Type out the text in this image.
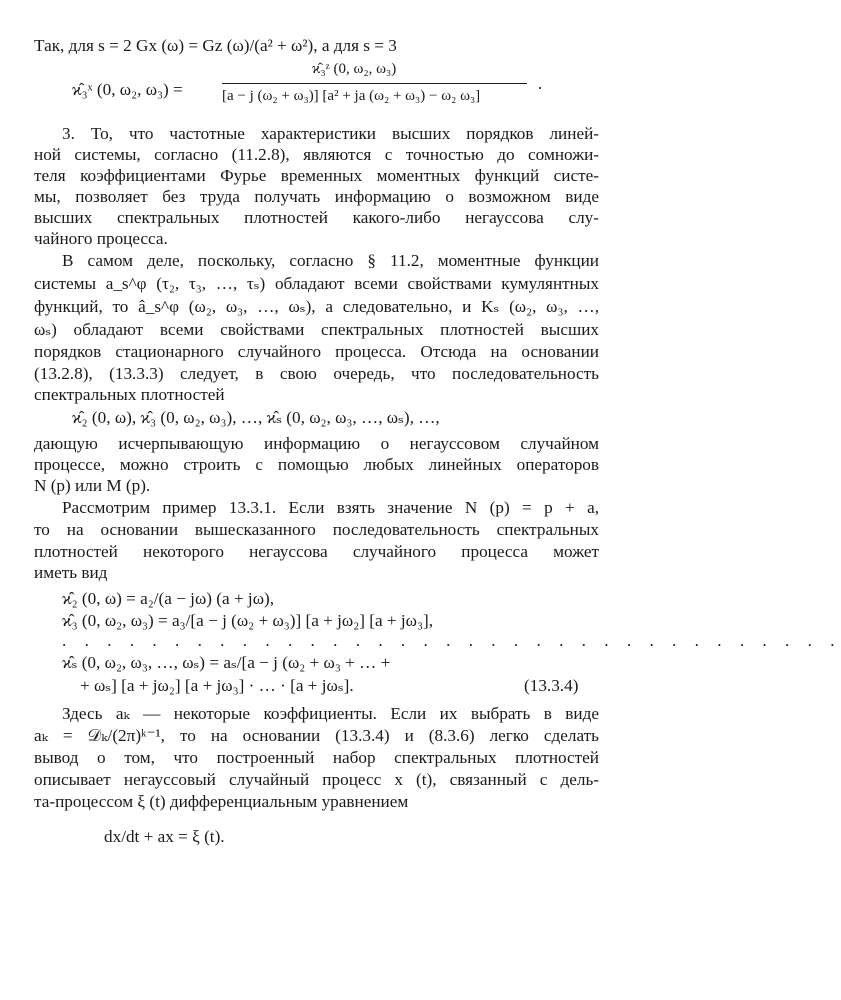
Так, для s = 2 Gx (ω) = Gz (ω)/(a² + ω²), а для s = 3
ϰ̂₃ˣ (0, ω₂, ω₃) =
ϰ̂₃ᶻ (0, ω₂, ω₃)
[a − j (ω₂ + ω₃)] [a² + ja (ω₂ + ω₃) − ω₂ ω₃]
.
3. То, что частотные характеристики высших порядков линей-
ной системы, согласно (11.2.8), являются с точностью до сомножи-
теля коэффициентами Фурье временных моментных функций систе-
мы, позволяет без труда получать информацию о возможном виде
высших спектральных плотностей какого-либо негауссова слу-
чайного процесса.
В самом деле, поскольку, согласно § 11.2, моментные функции
системы a_s^φ (τ₂, τ₃, …, τₛ) обладают всеми свойствами кумулянтных
функций, то â_s^φ (ω₂, ω₃, …, ωₛ), а следовательно, и Kₛ (ω₂, ω₃, …,
ωₛ) обладают всеми свойствами спектральных плотностей высших
порядков стационарного случайного процесса. Отсюда на основании
(13.2.8), (13.3.3) следует, в свою очередь, что последовательность
спектральных плотностей
ϰ̂₂ (0, ω), ϰ̂₃ (0, ω₂, ω₃), …, ϰ̂ₛ (0, ω₂, ω₃, …, ωₛ), …,
дающую исчерпывающую информацию о негауссовом случайном
процессе, можно строить с помощью любых линейных операторов
N (p) или M (p).
Рассмотрим пример 13.3.1. Если взять значение N (p) = p + a,
то на основании вышесказанного последовательность спектральных
плотностей некоторого негауссова случайного процесса может
иметь вид
ϰ̂₂ (0, ω) = a₂/(a − jω) (a + jω),
ϰ̂₃ (0, ω₂, ω₃) = a₃/[a − j (ω₂ + ω₃)] [a + jω₂] [a + jω₃],
. . . . . . . . . . . . . . . . . . . . . . . . . . . . . . . . . . .
ϰ̂ₛ (0, ω₂, ω₃, …, ωₛ) = aₛ/[a − j (ω₂ + ω₃ + … +
+ ωₛ] [a + jω₂] [a + jω₃] · … · [a + jωₛ].	(13.3.4)
Здесь aₖ — некоторые коэффициенты. Если их выбрать в виде
aₖ = 𝒟ₖ/(2π)ᵏ⁻¹, то на основании (13.3.4) и (8.3.6) легко сделать
вывод о том, что построенный набор спектральных плотностей
описывает негауссовый случайный процесс x (t), связанный с дель-
та-процессом ξ (t) дифференциальным уравнением
dx/dt + ax = ξ (t).
